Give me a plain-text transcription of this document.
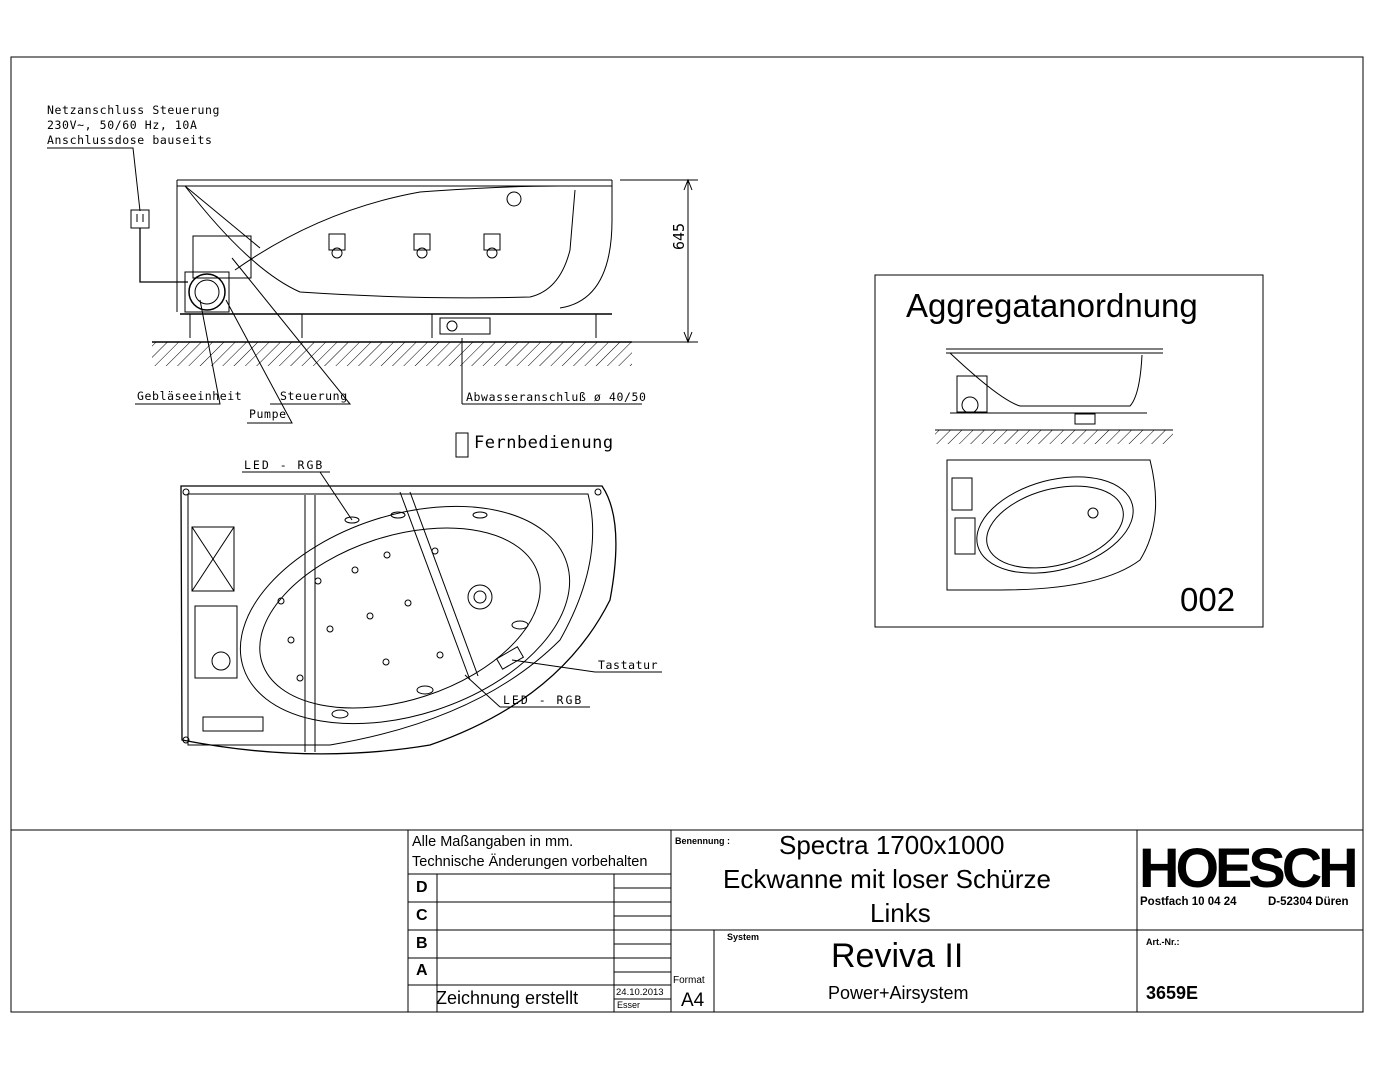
Netzanschluss Steuerung
230V~, 50/60 Hz, 10A
Anschlussdose bauseits
645
Gebläseeinheit	Steuerung
Pumpe
Abwasseranschluß ø 40/50
Fernbedienung
LED - RGB
Tastatur
LED - RGB
Aggregatanordnung
002
Alle Maßangaben in mm.
Technische Änderungen vorbehalten
D
C
B
A
Zeichnung erstellt	24.10.2013
Esser
Format
A4
Benennung : Spectra 1700x1000
Eckwanne mit loser Schürze
Links
System Reviva II
Power+Airsystem
HOESCH
Postfach 10 04 24	D-52304 Düren
Art.-Nr.:
3659E
